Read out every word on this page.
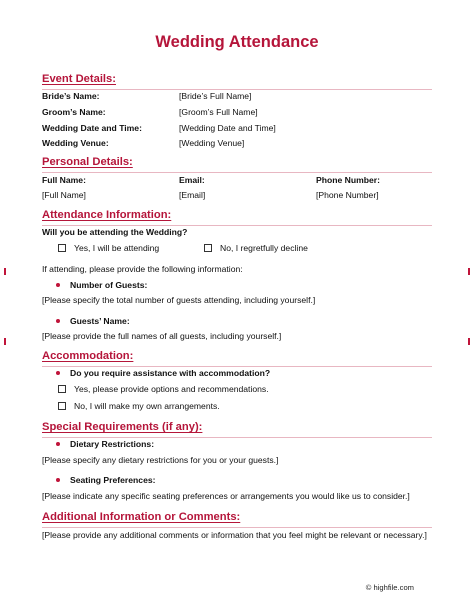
Wedding Attendance
Event Details:
Bride’s Name:	[Bride’s Full Name]
Groom’s Name:	[Groom’s Full Name]
Wedding Date and Time:	[Wedding Date and Time]
Wedding Venue:	[Wedding Venue]
Personal Details:
Full Name:	Email:	Phone Number:
[Full Name]	[Email]	[Phone Number]
Attendance Information:
Will you be attending the Wedding?
Yes, I will be attending	No, I regretfully decline
If attending, please provide the following information:
Number of Guests:
[Please specify the total number of guests attending, including yourself.]
Guests’ Name:
[Please provide the full names of all guests, including yourself.]
Accommodation:
Do you require assistance with accommodation?
Yes, please provide options and recommendations.
No, I will make my own arrangements.
Special Requirements (if any):
Dietary Restrictions:
[Please specify any dietary restrictions for you or your guests.]
Seating Preferences:
[Please indicate any specific seating preferences or arrangements you would like us to consider.]
Additional Information or Comments:
[Please provide any additional comments or information that you feel might be relevant or necessary.]
© highfile.com
